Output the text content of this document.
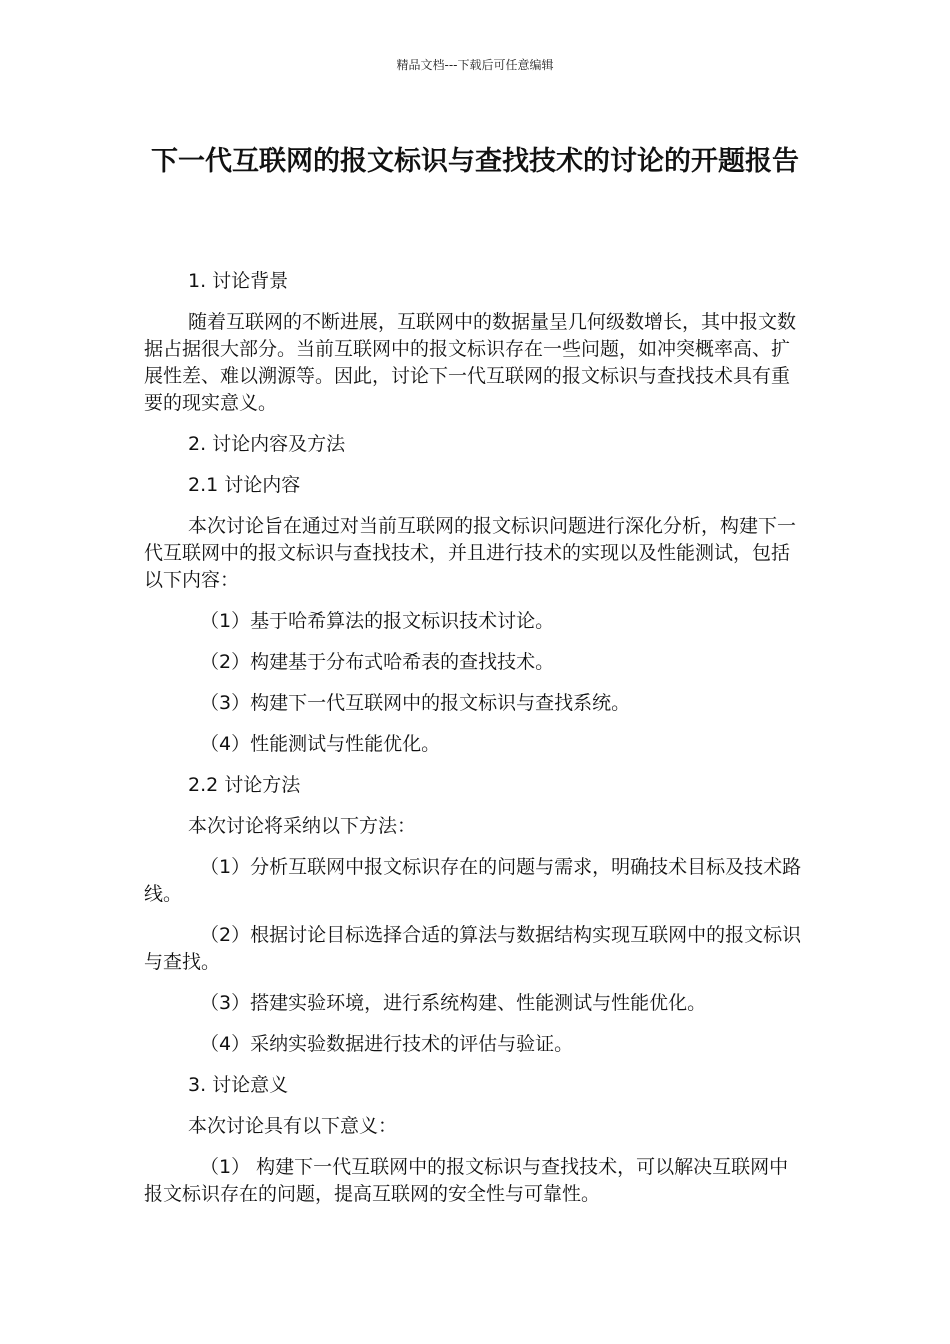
精品文档---下载后可任意编辑
下一代互联网的报文标识与查找技术的讨论的开题报告

1. 讨论背景

随着互联网的不断进展，互联网中的数据量呈几何级数增长，其中报文数据占据很大部分。当前互联网中的报文标识存在一些问题，如冲突概率高、扩展性差、难以溯源等。因此，讨论下一代互联网的报文标识与查找技术具有重要的现实意义。

2. 讨论内容及方法

2.1 讨论内容

本次讨论旨在通过对当前互联网的报文标识问题进行深化分析，构建下一代互联网中的报文标识与查找技术，并且进行技术的实现以及性能测试，包括以下内容：

（1）基于哈希算法的报文标识技术讨论。

（2）构建基于分布式哈希表的查找技术。

（3）构建下一代互联网中的报文标识与查找系统。

（4）性能测试与性能优化。

2.2 讨论方法

本次讨论将采纳以下方法：

（1）分析互联网中报文标识存在的问题与需求，明确技术目标及技术路线。

（2）根据讨论目标选择合适的算法与数据结构实现互联网中的报文标识与查找。

（3）搭建实验环境，进行系统构建、性能测试与性能优化。

（4）采纳实验数据进行技术的评估与验证。

3. 讨论意义

本次讨论具有以下意义：

（1） 构建下一代互联网中的报文标识与查找技术，可以解决互联网中报文标识存在的问题，提高互联网的安全性与可靠性。
